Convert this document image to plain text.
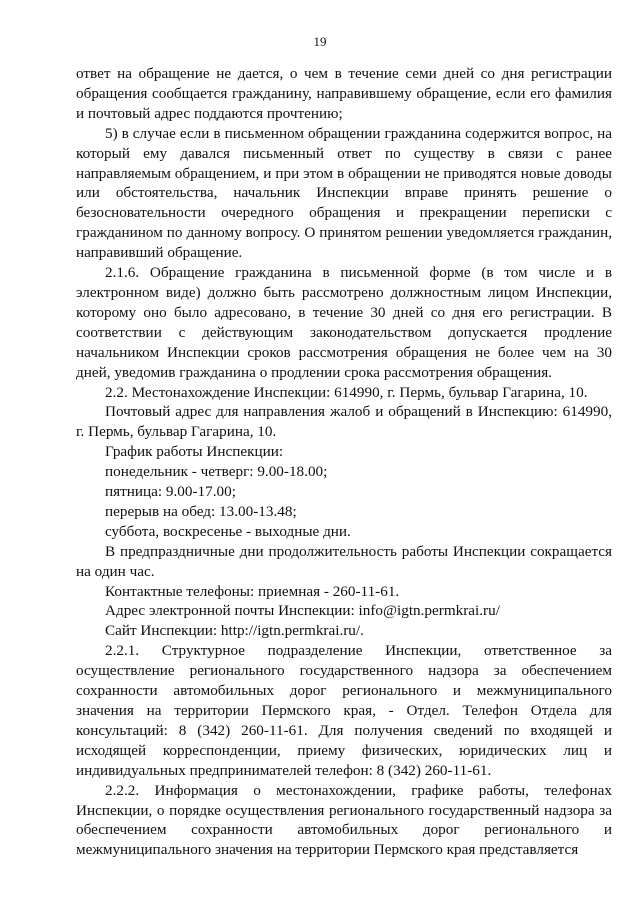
19

ответ на обращение не дается, о чем в течение семи дней со дня регистрации обращения сообщается гражданину, направившему обращение, если его фамилия и почтовый адрес поддаются прочтению;

5) в случае если в письменном обращении гражданина содержится вопрос, на который ему давался письменный ответ по существу в связи с ранее направляемым обращением, и при этом в обращении не приводятся новые доводы или обстоятельства, начальник Инспекции вправе принять решение о безосновательности очередного обращения и прекращении переписки с гражданином по данному вопросу. О принятом решении уведомляется гражданин, направивший обращение.

2.1.6. Обращение гражданина в письменной форме (в том числе и в электронном виде) должно быть рассмотрено должностным лицом Инспекции, которому оно было адресовано, в течение 30 дней со дня его регистрации. В соответствии с действующим законодательством допускается продление начальником Инспекции сроков рассмотрения обращения не более чем на 30 дней, уведомив гражданина о продлении срока рассмотрения обращения.

2.2. Местонахождение Инспекции: 614990, г. Пермь, бульвар Гагарина, 10.

Почтовый адрес для направления жалоб и обращений в Инспекцию: 614990, г. Пермь, бульвар Гагарина, 10.

График работы Инспекции:

понедельник - четверг: 9.00-18.00;

пятница: 9.00-17.00;

перерыв на обед: 13.00-13.48;

суббота, воскресенье - выходные дни.

В предпраздничные дни продолжительность работы Инспекции сокращается на один час.

Контактные телефоны: приемная - 260-11-61.

Адрес электронной почты Инспекции: info@igtn.permkrai.ru/

Сайт Инспекции: http://igtn.permkrai.ru/.

2.2.1. Структурное подразделение Инспекции, ответственное за осуществление регионального государственного надзора за обеспечением сохранности автомобильных дорог регионального и межмуниципального значения на территории Пермского края, - Отдел. Телефон Отдела для консультаций: 8 (342) 260-11-61. Для получения сведений по входящей и исходящей корреспонденции, приему физических, юридических лиц и индивидуальных предпринимателей телефон: 8 (342) 260-11-61.

2.2.2. Информация о местонахождении, графике работы, телефонах Инспекции, о порядке осуществления регионального государственный надзора за обеспечением сохранности автомобильных дорог регионального и межмуниципального значения на территории Пермского края представляется
